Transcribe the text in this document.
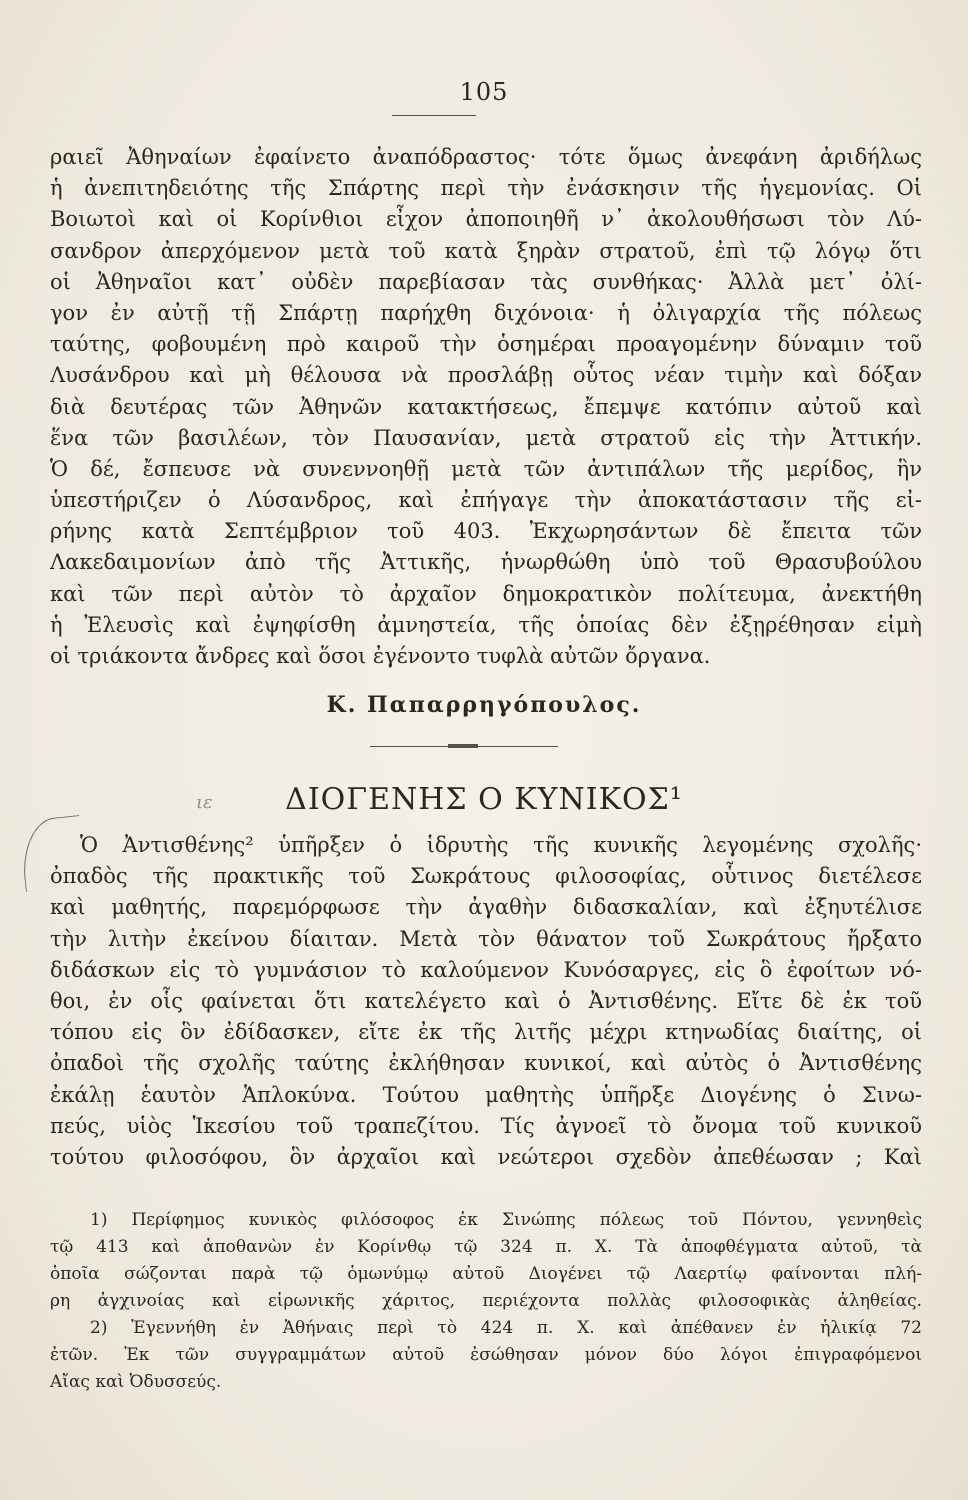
105
ραιεῖ Ἀθηναίων ἐφαίνετο ἀναπόδραστος· τότε ὅμως ἀνεφάνη ἀριδήλως
ἡ ἀνεπιτηδειότης τῆς Σπάρτης περὶ τὴν ἐνάσκησιν τῆς ἡγεμονίας. Οἱ
Βοιωτοὶ καὶ οἱ Κορίνθιοι εἶχον ἀποποιηθῆ ν᾽ ἀκολουθήσωσι τὸν Λύ-
σανδρον ἀπερχόμενον μετὰ τοῦ κατὰ ξηρὰν στρατοῦ, ἐπὶ τῷ λόγῳ ὅτι
οἱ Ἀθηναῖοι κατ᾽ οὐδὲν παρεβίασαν τὰς συνθήκας· Ἀλλὰ μετ᾽ ὀλί-
γον ἐν αὐτῇ τῇ Σπάρτῃ παρήχθη διχόνοια· ἡ ὀλιγαρχία τῆς πόλεως
ταύτης, φοβουμένη πρὸ καιροῦ τὴν ὁσημέραι προαγομένην δύναμιν τοῦ
Λυσάνδρου καὶ μὴ θέλουσα νὰ προσλάβῃ οὗτος νέαν τιμὴν καὶ δόξαν
διὰ δευτέρας τῶν Ἀθηνῶν κατακτήσεως, ἔπεμψε κατόπιν αὐτοῦ καὶ
ἕνα τῶν βασιλέων, τὸν Παυσανίαν, μετὰ στρατοῦ εἰς τὴν Ἀττικήν.
Ὁ δέ, ἔσπευσε νὰ συνεννοηθῇ μετὰ τῶν ἀντιπάλων τῆς μερίδος, ἣν
ὑπεστήριζεν ὁ Λύσανδρος, καὶ ἐπήγαγε τὴν ἀποκατάστασιν τῆς εἰ-
ρήνης κατὰ Σεπτέμβριον τοῦ 403. Ἐκχωρησάντων δὲ ἔπειτα τῶν
Λακεδαιμονίων ἀπὸ τῆς Ἀττικῆς, ἡνωρθώθη ὑπὸ τοῦ Θρασυβούλου
καὶ τῶν περὶ αὐτὸν τὸ ἀρχαῖον δημοκρατικὸν πολίτευμα, ἀνεκτήθη
ἡ Ἐλευσὶς καὶ ἐψηφίσθη ἀμνηστεία, τῆς ὁποίας δὲν ἐξῃρέθησαν εἰμὴ
οἱ τριάκοντα ἄνδρες καὶ ὅσοι ἐγένοντο τυφλὰ αὐτῶν ὄργανα.
Κ. Παπαρρηγόπουλος.
ιε	ΔΙΟΓΕΝΗΣ Ο ΚΥΝΙΚΟΣ¹
Ὁ Ἀντισθένης² ὑπῆρξεν ὁ ἱδρυτὴς τῆς κυνικῆς λεγομένης σχολῆς·
ὀπαδὸς τῆς πρακτικῆς τοῦ Σωκράτους φιλοσοφίας, οὗτινος διετέλεσε
καὶ μαθητής, παρεμόρφωσε τὴν ἀγαθὴν διδασκαλίαν, καὶ ἐξηυτέλισε
τὴν λιτὴν ἐκείνου δίαιταν. Μετὰ τὸν θάνατον τοῦ Σωκράτους ἤρξατο
διδάσκων εἰς τὸ γυμνάσιον τὸ καλούμενον Κυνόσαργες, εἰς ὃ ἐφοίτων νό-
θοι, ἐν οἷς φαίνεται ὅτι κατελέγετο καὶ ὁ Ἀντισθένης. Εἴτε δὲ ἐκ τοῦ
τόπου εἰς ὃν ἐδίδασκεν, εἴτε ἐκ τῆς λιτῆς μέχρι κτηνωδίας διαίτης, οἱ
ὀπαδοὶ τῆς σχολῆς ταύτης ἐκλήθησαν κυνικοί, καὶ αὐτὸς ὁ Ἀντισθένης
ἐκάλῃ ἑαυτὸν Ἁπλοκύνα. Τούτου μαθητὴς ὑπῆρξε Διογένης ὁ Σινω-
πεύς, υἱὸς Ἱκεσίου τοῦ τραπεζίτου. Τίς ἀγνοεῖ τὸ ὄνομα τοῦ κυνικοῦ
τούτου φιλοσόφου, ὃν ἀρχαῖοι καὶ νεώτεροι σχεδὸν ἀπεθέωσαν ; Καὶ
1) Περίφημος κυνικὸς φιλόσοφος ἐκ Σινώπης πόλεως τοῦ Πόντου, γεννηθεὶς
τῷ 413 καὶ ἀποθανὼν ἐν Κορίνθῳ τῷ 324 π. Χ. Τὰ ἀποφθέγματα αὐτοῦ, τὰ
ὁποῖα σώζονται παρὰ τῷ ὁμωνύμῳ αὐτοῦ Διογένει τῷ Λαερτίῳ φαίνονται πλή-
ρη ἀγχινοίας καὶ εἰρωνικῆς χάριτος, περιέχοντα πολλὰς φιλοσοφικὰς ἀληθείας.
2) Ἐγεννήθη ἐν Ἀθήναις περὶ τὸ 424 π. Χ. καὶ ἀπέθανεν ἐν ἡλικίᾳ 72
ἐτῶν. Ἐκ τῶν συγγραμμάτων αὐτοῦ ἐσώθησαν μόνον δύο λόγοι ἐπιγραφόμενοι
Αἴας καὶ Ὀδυσσεύς.
